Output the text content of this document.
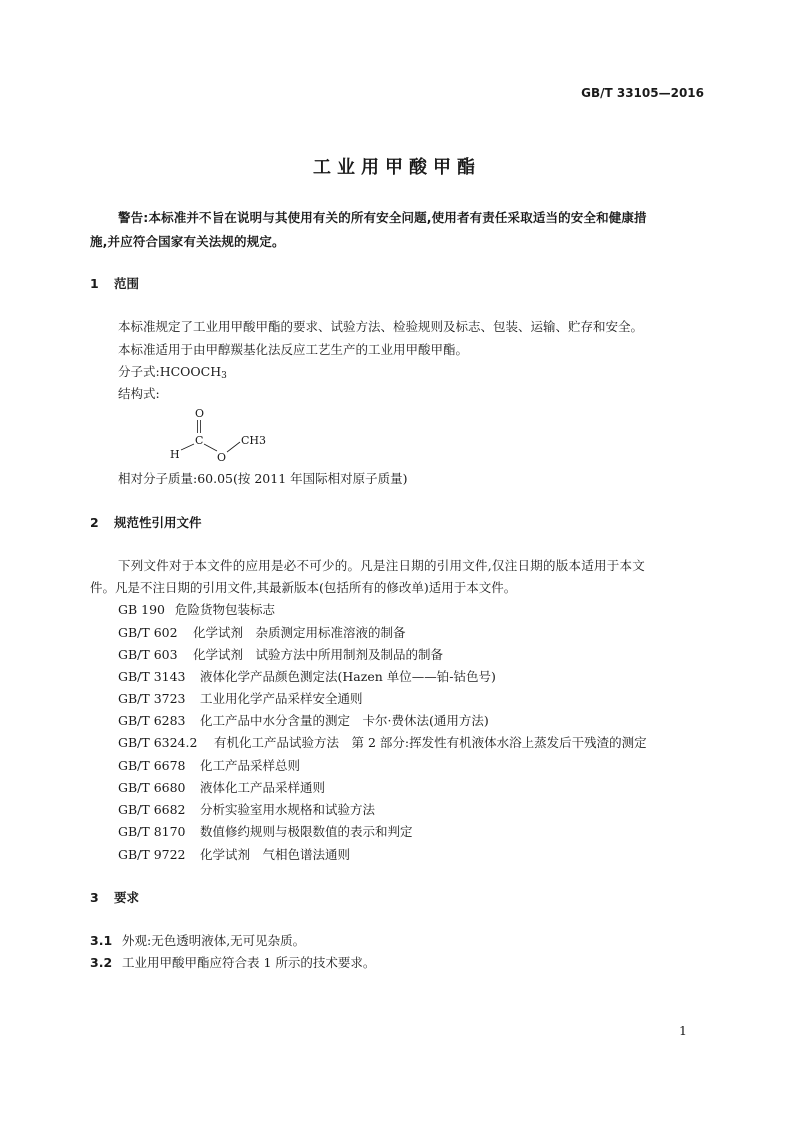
GB/T 33105—2016
工业用甲酸甲酯
警告:本标准并不旨在说明与其使用有关的所有安全问题,使用者有责任采取适当的安全和健康措
施,并应符合国家有关法规的规定。
1 范围
本标准规定了工业用甲酸甲酯的要求、试验方法、检验规则及标志、包装、运输、贮存和安全。
本标准适用于由甲醇羰基化法反应工艺生产的工业用甲酸甲酯。
分子式:HCOOCH3
结构式:
O
C
H	O
CH3
相对分子质量:60.05(按 2011 年国际相对原子质量)
2 规范性引用文件
下列文件对于本文件的应用是必不可少的。凡是注日期的引用文件,仅注日期的版本适用于本文
件。凡是不注日期的引用文件,其最新版本(包括所有的修改单)适用于本文件。
GB 190 危险货物包装标志
GB/T 602 化学试剂　杂质测定用标准溶液的制备
GB/T 603 化学试剂　试验方法中所用制剂及制品的制备
GB/T 3143 液体化学产品颜色测定法(Hazen 单位——铂-钴色号)
GB/T 3723 工业用化学产品采样安全通则
GB/T 6283 化工产品中水分含量的测定　卡尔·费休法(通用方法)
GB/T 6324.2 有机化工产品试验方法　第 2 部分:挥发性有机液体水浴上蒸发后干残渣的测定
GB/T 6678 化工产品采样总则
GB/T 6680 液体化工产品采样通则
GB/T 6682 分析实验室用水规格和试验方法
GB/T 8170 数值修约规则与极限数值的表示和判定
GB/T 9722 化学试剂　气相色谱法通则
3 要求
3.1 外观:无色透明液体,无可见杂质。
3.2 工业用甲酸甲酯应符合表 1 所示的技术要求。
1
